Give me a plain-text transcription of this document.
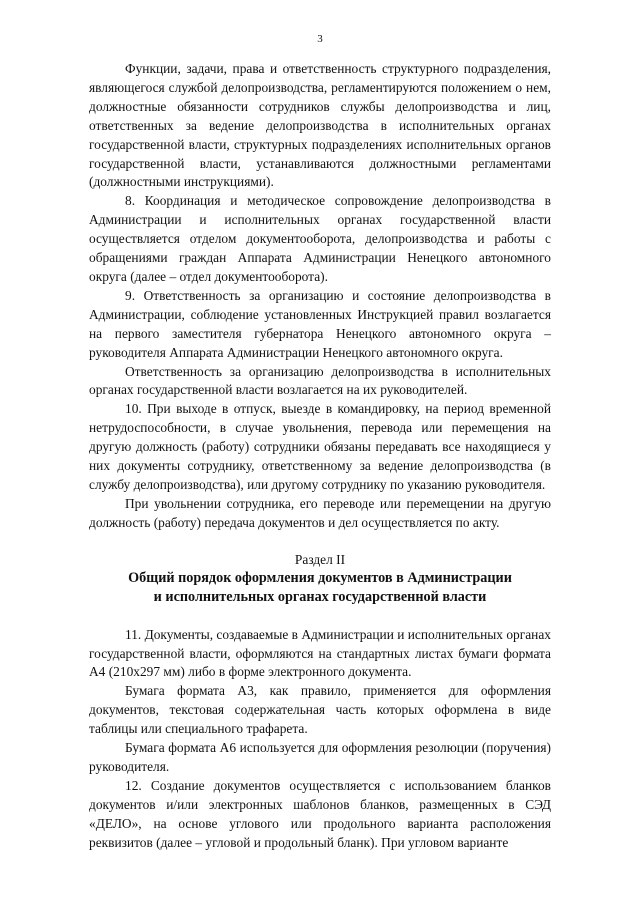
3

Функции, задачи, права и ответственность структурного подразделения, являющегося службой делопроизводства, регламентируются положением о нем, должностные обязанности сотрудников службы делопроизводства и лиц, ответственных за ведение делопроизводства в исполнительных органах государственной власти, структурных подразделениях исполнительных органов государственной власти, устанавливаются должностными регламентами (должностными инструкциями).

8. Координация и методическое сопровождение делопроизводства в Администрации и исполнительных органах государственной власти осуществляется отделом документооборота, делопроизводства и работы с обращениями граждан Аппарата Администрации Ненецкого автономного округа (далее – отдел документооборота).

9. Ответственность за организацию и состояние делопроизводства в Администрации, соблюдение установленных Инструкцией правил возлагается на первого заместителя губернатора Ненецкого автономного округа – руководителя Аппарата Администрации Ненецкого автономного округа.

Ответственность за организацию делопроизводства в исполнительных органах государственной власти возлагается на их руководителей.

10. При выходе в отпуск, выезде в командировку, на период временной нетрудоспособности, в случае увольнения, перевода или перемещения на другую должность (работу) сотрудники обязаны передавать все находящиеся у них документы сотруднику, ответственному за ведение делопроизводства (в службу делопроизводства), или другому сотруднику по указанию руководителя.

При увольнении сотрудника, его переводе или перемещении на другую должность (работу) передача документов и дел осуществляется по акту.

Раздел II
Общий порядок оформления документов в Администрации
и исполнительных органах государственной власти

11. Документы, создаваемые в Администрации и исполнительных органах государственной власти, оформляются на стандартных листах бумаги формата А4 (210х297 мм) либо в форме электронного документа.

Бумага формата А3, как правило, применяется для оформления документов, текстовая содержательная часть которых оформлена в виде таблицы или специального трафарета.

Бумага формата А6 используется для оформления резолюции (поручения) руководителя.

12. Создание документов осуществляется с использованием бланков документов и/или электронных шаблонов бланков, размещенных в СЭД «ДЕЛО», на основе углового или продольного варианта расположения реквизитов (далее – угловой и продольный бланк). При угловом варианте
